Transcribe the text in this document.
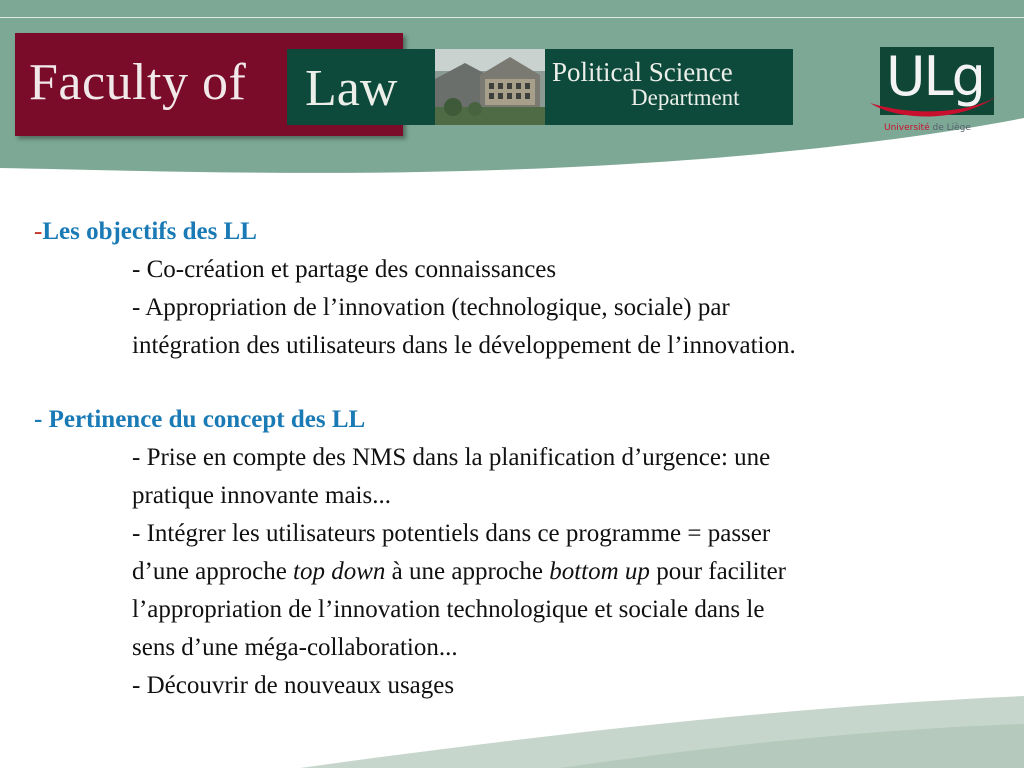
Faculty of Law	Political Science
Department	ULg
Université de Liège
-Les objectifs des LL
- Co-création et partage des connaissances
- Appropriation de l’innovation (technologique, sociale) par
intégration des utilisateurs dans le développement de l’innovation.
- Pertinence du concept des LL
- Prise en compte des NMS dans la planification d’urgence: une
pratique innovante mais...
- Intégrer les utilisateurs potentiels dans ce programme = passer
d’une approche top down à une approche bottom up pour faciliter
l’appropriation de l’innovation technologique et sociale dans le
sens d’une méga-collaboration...
- Découvrir de nouveaux usages
